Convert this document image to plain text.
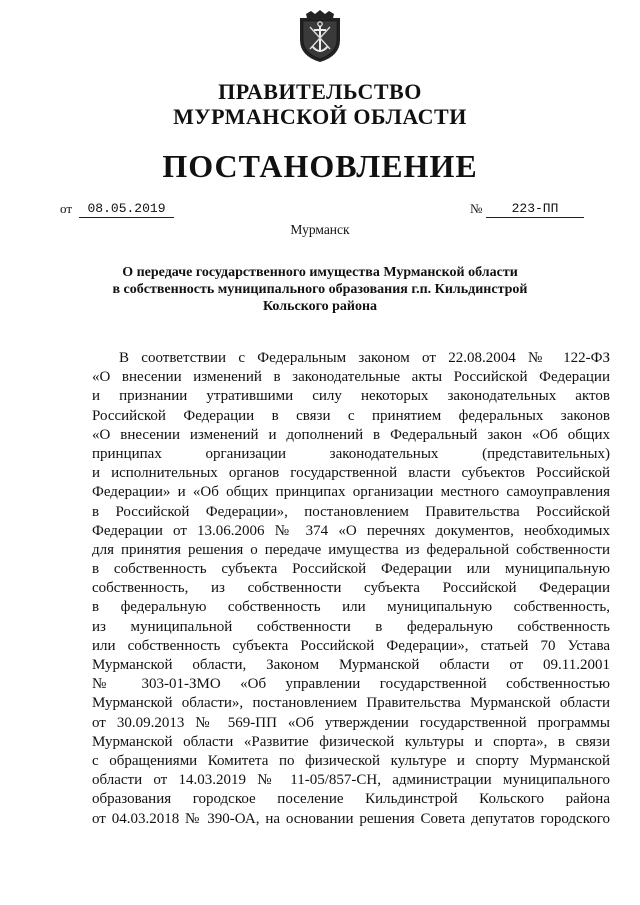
ПРАВИТЕЛЬСТВО
МУРМАНСКОЙ ОБЛАСТИ
ПОСТАНОВЛЕНИЕ
от	08.05.2019	№	223-ПП
Мурманск
О передаче государственного имущества Мурманской области
в собственность муниципального образования г.п. Кильдинстрой
Кольского района
В соответствии с Федеральным законом от 22.08.2004 № 122-ФЗ
«О внесении изменений в законодательные акты Российской Федерации
и признании утратившими силу некоторых законодательных актов
Российской Федерации в связи с принятием федеральных законов
«О внесении изменений и дополнений в Федеральный закон «Об общих
принципах организации законодательных (представительных)
и исполнительных органов государственной власти субъектов Российской
Федерации» и «Об общих принципах организации местного самоуправления
в Российской Федерации», постановлением Правительства Российской
Федерации от 13.06.2006 № 374 «О перечнях документов, необходимых
для принятия решения о передаче имущества из федеральной собственности
в собственность субъекта Российской Федерации или муниципальную
собственность, из собственности субъекта Российской Федерации
в федеральную собственность или муниципальную собственность,
из муниципальной собственности в федеральную собственность
или собственность субъекта Российской Федерации», статьей 70 Устава
Мурманской области, Законом Мурманской области от 09.11.2001
№ 303-01-ЗМО «Об управлении государственной собственностью
Мурманской области», постановлением Правительства Мурманской области
от 30.09.2013 № 569-ПП «Об утверждении государственной программы
Мурманской области «Развитие физической культуры и спорта», в связи
с обращениями Комитета по физической культуре и спорту Мурманской
области от 14.03.2019 № 11-05/857-СН, администрации муниципального
образования городское поселение Кильдинстрой Кольского района
от 04.03.2018 № 390-ОА, на основании решения Совета депутатов городского
